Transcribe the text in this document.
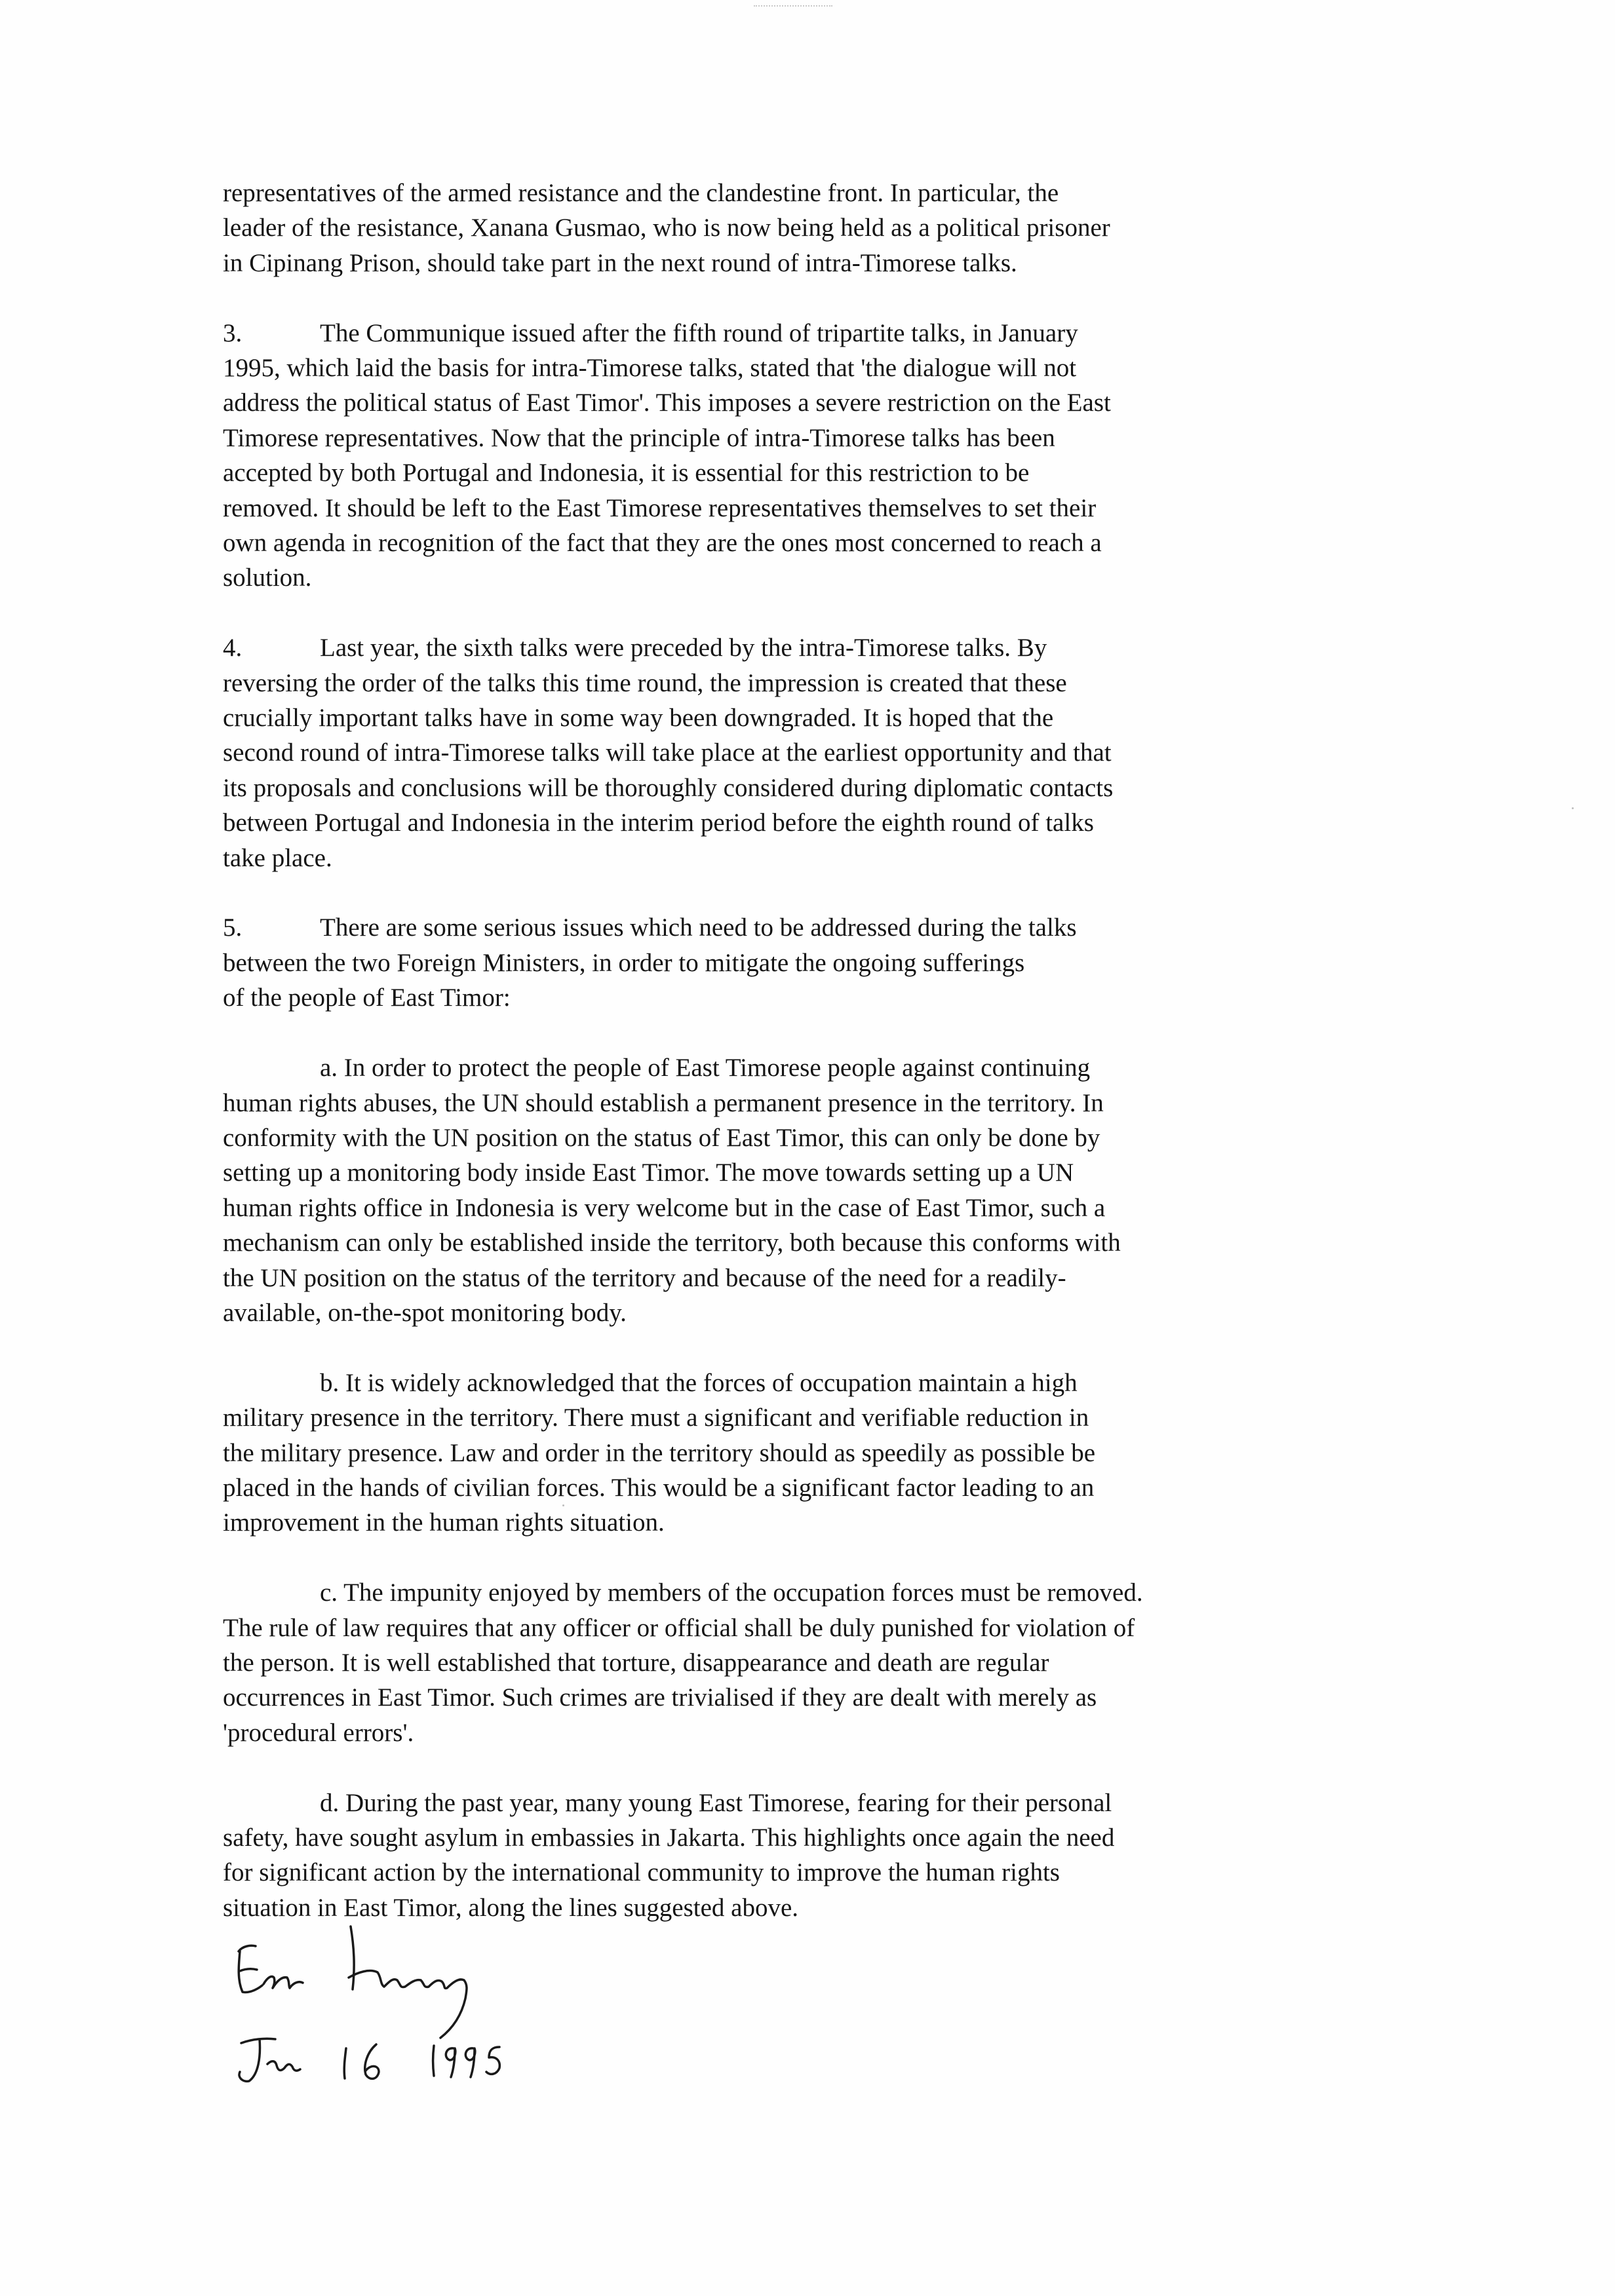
representatives of the armed resistance and the clandestine front. In particular, the
leader of the resistance, Xanana Gusmao, who is now being held as a political prisoner
in Cipinang Prison, should take part in the next round of intra-Timorese talks.

3.	The Communique issued after the fifth round of tripartite talks, in January
1995, which laid the basis for intra-Timorese talks, stated that 'the dialogue will not
address the political status of East Timor'. This imposes a severe restriction on the East
Timorese representatives. Now that the principle of intra-Timorese talks has been
accepted by both Portugal and Indonesia, it is essential for this restriction to be
removed. It should be left to the East Timorese representatives themselves to set their
own agenda in recognition of the fact that they are the ones most concerned to reach a
solution.

4.	Last year, the sixth talks were preceded by the intra-Timorese talks. By
reversing the order of the talks this time round, the impression is created that these
crucially important talks have in some way been downgraded. It is hoped that the
second round of intra-Timorese talks will take place at the earliest opportunity and that
its proposals and conclusions will be thoroughly considered during diplomatic contacts
between Portugal and Indonesia in the interim period before the eighth round of talks
take place.

5.	There are some serious issues which need to be addressed during the talks
between the two Foreign Ministers, in order to mitigate the ongoing sufferings
of the people of East Timor:

a. In order to protect the people of East Timorese people against continuing
human rights abuses, the UN should establish a permanent presence in the territory. In
conformity with the UN position on the status of East Timor, this can only be done by
setting up a monitoring body inside East Timor. The move towards setting up a UN
human rights office in Indonesia is very welcome but in the case of East Timor, such a
mechanism can only be established inside the territory, both because this conforms with
the UN position on the status of the territory and because of the need for a readily-
available, on-the-spot monitoring body.

b. It is widely acknowledged that the forces of occupation maintain a high
military presence in the territory. There must a significant and verifiable reduction in
the military presence. Law and order in the territory should as speedily as possible be
placed in the hands of civilian forces. This would be a significant factor leading to an
improvement in the human rights situation.

c. The impunity enjoyed by members of the occupation forces must be removed.
The rule of law requires that any officer or official shall be duly punished for violation of
the person. It is well established that torture, disappearance and death are regular
occurrences in East Timor. Such crimes are trivialised if they are dealt with merely as
'procedural errors'.

d. During the past year, many young East Timorese, fearing for their personal
safety, have sought asylum in embassies in Jakarta. This highlights once again the need
for significant action by the international community to improve the human rights
situation in East Timor, along the lines suggested above.
